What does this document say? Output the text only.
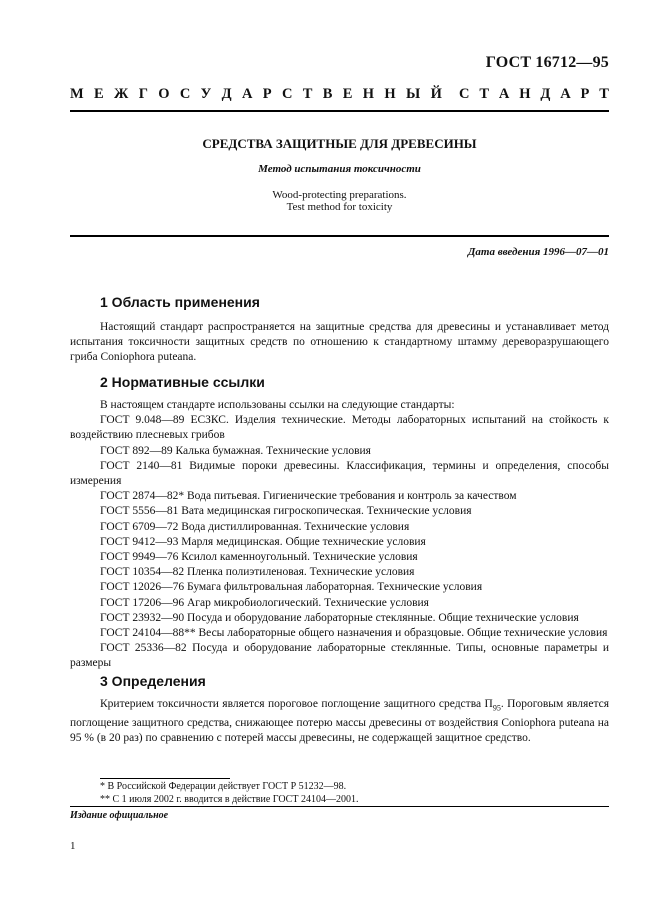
ГОСТ 16712—95
М Е Ж Г О С У Д А Р С Т В Е Н Н Ы Й С Т А Н Д А Р Т
СРЕДСТВА ЗАЩИТНЫЕ ДЛЯ ДРЕВЕСИНЫ
Метод испытания токсичности
Wood-protecting preparations.
Test method for toxicity
Дата введения 1996—07—01
1 Область применения

Настоящий стандарт распространяется на защитные средства для древесины и устанавливает метод испытания токсичности защитных средств по отношению к стандартному штамму дереворазрушающего гриба Coniophora puteana.

2 Нормативные ссылки

В настоящем стандарте использованы ссылки на следующие стандарты:

ГОСТ 9.048—89 ЕСЗКС. Изделия технические. Методы лабораторных испытаний на стойкость к воздействию плесневых грибов

ГОСТ 892—89 Калька бумажная. Технические условия

ГОСТ 2140—81 Видимые пороки древесины. Классификация, термины и определения, способы измерения

ГОСТ 2874—82* Вода питьевая. Гигиенические требования и контроль за качеством

ГОСТ 5556—81 Вата медицинская гигроскопическая. Технические условия

ГОСТ 6709—72 Вода дистиллированная. Технические условия

ГОСТ 9412—93 Марля медицинская. Общие технические условия

ГОСТ 9949—76 Ксилол каменноугольный. Технические условия

ГОСТ 10354—82 Пленка полиэтиленовая. Технические условия

ГОСТ 12026—76 Бумага фильтровальная лабораторная. Технические условия

ГОСТ 17206—96 Агар микробиологический. Технические условия

ГОСТ 23932—90 Посуда и оборудование лабораторные стеклянные. Общие технические условия

ГОСТ 24104—88** Весы лабораторные общего назначения и образцовые. Общие технические условия

ГОСТ 25336—82 Посуда и оборудование лабораторные стеклянные. Типы, основные параметры и размеры

3 Определения

Критерием токсичности является пороговое поглощение защитного средства $П_{95}$. Пороговым является поглощение защитного средства, снижающее потерю массы древесины от воздействия Coniophora puteana на 95 % (в 20 раз) по сравнению с потерей массы древесины, не содержащей защитное средство.

* В Российской Федерации действует ГОСТ Р 51232—98.
** С 1 июля 2002 г. вводится в действие ГОСТ 24104—2001.
Издание официальное
1
